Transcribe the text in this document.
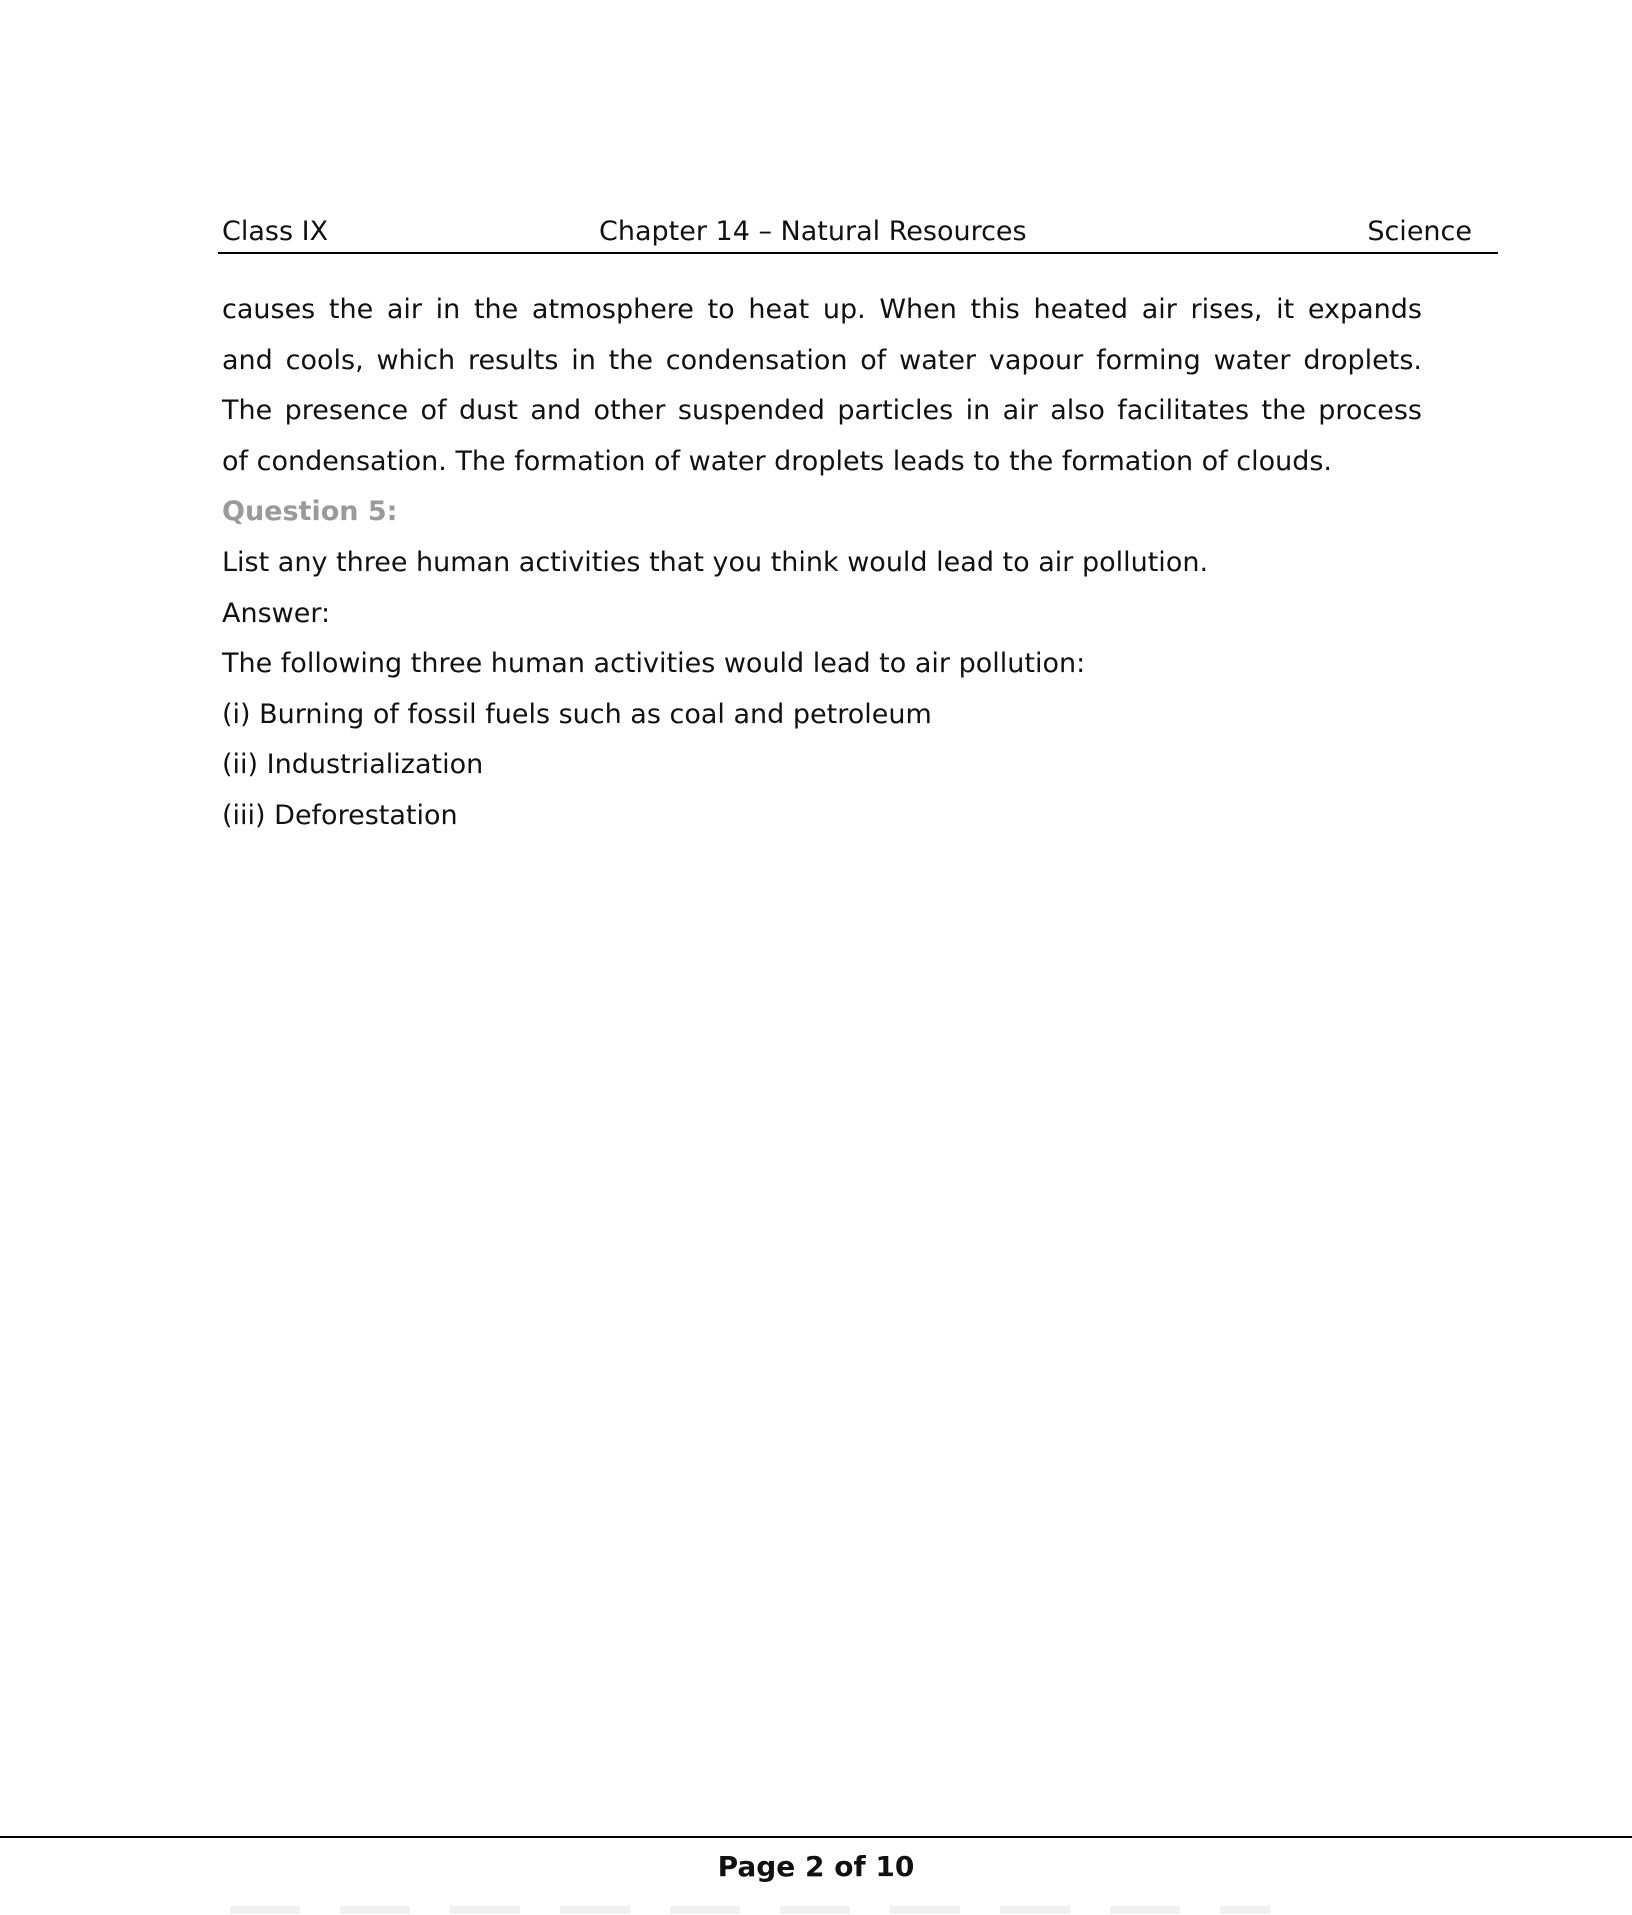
Class IX	Chapter 14 – Natural Resources	Science

causes the air in the atmosphere to heat up. When this heated air rises, it expands

and cools, which results in the condensation of water vapour forming water droplets.

The presence of dust and other suspended particles in air also facilitates the process

of condensation. The formation of water droplets leads to the formation of clouds.

Question 5:

List any three human activities that you think would lead to air pollution.

Answer:

The following three human activities would lead to air pollution:

(i) Burning of fossil fuels such as coal and petroleum

(ii) Industrialization

(iii) Deforestation

Page 2 of 10
